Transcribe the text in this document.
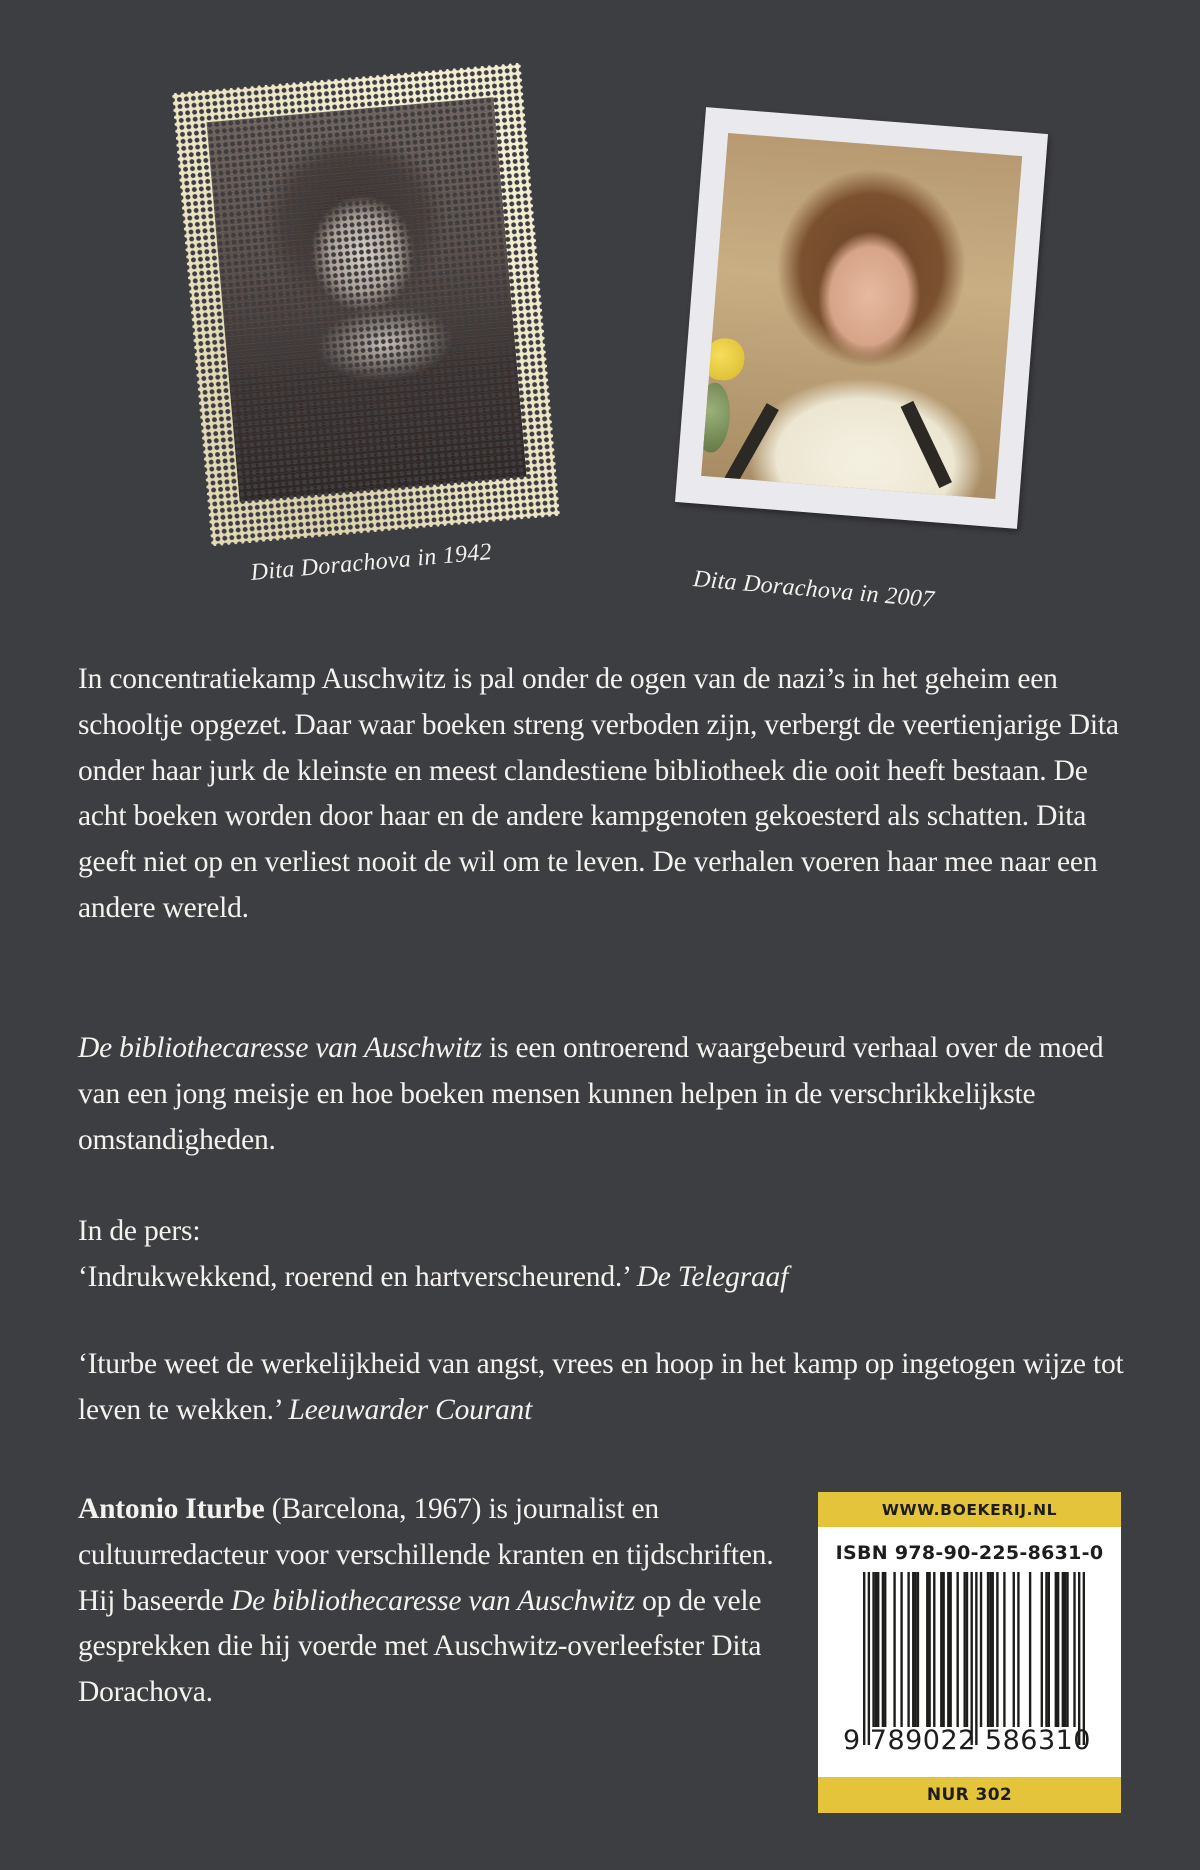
Dita Dorachova in 1942
Dita Dorachova in 2007

In concentratiekamp Auschwitz is pal onder de ogen van de nazi’s in het geheim een schooltje opgezet. Daar waar boeken streng verboden zijn, verbergt de veertienjarige Dita onder haar jurk de kleinste en meest clandestiene bibliotheek die ooit heeft bestaan. De acht boeken worden door haar en de andere kampgenoten gekoesterd als schatten. Dita geeft niet op en verliest nooit de wil om te leven. De verhalen voeren haar mee naar een andere wereld.

De bibliothecaresse van Auschwitz is een ontroerend waargebeurd verhaal over de moed van een jong meisje en hoe boeken mensen kunnen helpen in de verschrikkelijkste omstandigheden.

In de pers:

‘Indrukwekkend, roerend en hartverscheurend.’ De Telegraaf

‘Iturbe weet de werkelijkheid van angst, vrees en hoop in het kamp op ingetogen wijze tot leven te wekken.’ Leeuwarder Courant

Antonio Iturbe (Barcelona, 1967) is journalist en cultuurredacteur voor verschillende kranten en tijdschriften. Hij baseerde De bibliothecaresse van Auschwitz op de vele gesprekken die hij voerde met Auschwitz-overleefster Dita Dorachova.

WWW.BOEKERIJ.NL
ISBN 978-90-225-8631-0
9 789022 586310
NUR 302
